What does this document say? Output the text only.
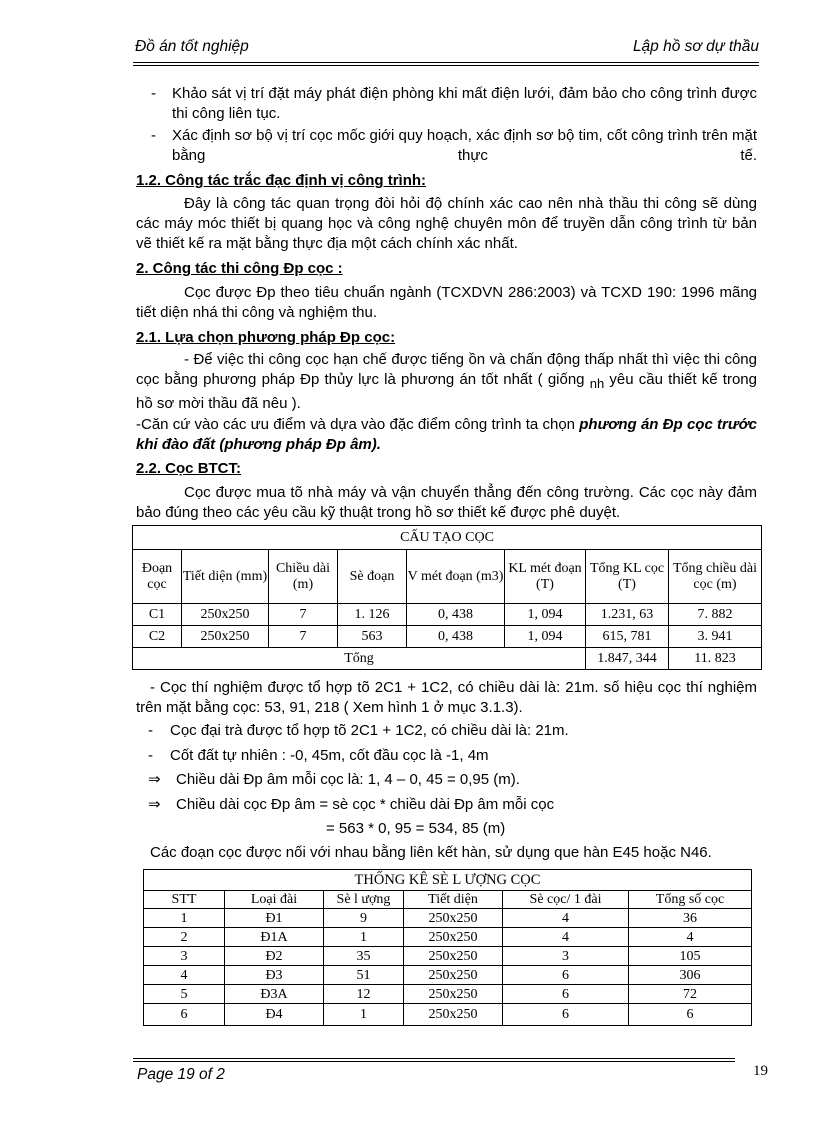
Đồ án tốt nghiệp	Lập hồ sơ dự thầu
-	Khảo sát vị trí đặt máy phát điện phòng khi mất điện lưới, đảm bảo cho công trình được thi công liên tục.
-	Xác định sơ bộ vị trí cọc mốc giới quy hoạch, xác định sơ bộ tim, cốt công trình trên mặt bằng thực tế.
1.2. Công tác trắc đạc định vị công trình:
Đây là công tác quan trọng đòi hỏi độ chính xác cao nên nhà thầu thi công sẽ dùng các máy móc thiết bị quang học và công nghệ chuyên môn để truyền dẫn công trình từ bản vẽ thiết kế ra mặt bằng thực địa một cách chính xác nhất.
2. Công tác thi công Ðp cọc :
Cọc được Ðp theo tiêu chuẩn ngành (TCXDVN 286:2003) và TCXD 190: 1996 mãng tiết diện nhá thi công và nghiệm thu.
2.1. Lựa chọn phương pháp Ðp cọc:
- Để việc thi công cọc hạn chế được tiếng ồn và chấn động thấp nhất thì việc thi công cọc bằng phương pháp Ðp thủy lực là phương án tốt nhất ( giống $_{nh}$ yêu cầu thiết kế trong hồ sơ mời thầu đã nêu ).
-Căn cứ vào các ưu điểm và dựa vào đặc điểm công trình ta chọn phương án Ðp cọc trước khi đào đất (phương pháp Ðp âm).
2.2. Cọc BTCT:
Cọc được mua tõ nhà máy và vận chuyển thẳng đến công trường. Các cọc này đảm bảo đúng theo các yêu cầu kỹ thuật trong hồ sơ thiết kế được phê duyệt.
CẤU TẠO CỌC							
Đoạn cọc	Tiết diện (mm)	Chiều dài (m)	Sè đoạn	V mét đoạn (m3)	KL mét đoạn (T)	Tổng KL cọc (T)	Tổng chiều dài cọc (m)
C1	250x250	7	1. 126	0, 438	1, 094	1.231, 63	7. 882
C2	250x250	7	563	0, 438	1, 094	615, 781	3. 941
Tổng						1.847, 344	11. 823
- Cọc thí nghiệm được tổ hợp tõ 2C1 + 1C2, có chiều dài là: 21m. số hiệu cọc thí nghiệm trên mặt bằng cọc: 53, 91, 218 ( Xem hình 1 ở mục 3.1.3).
-	Cọc đại trà được tổ hợp tõ 2C1 + 1C2, có chiều dài là: 21m.
-	Cốt đất tự nhiên : -0, 45m, cốt đầu cọc là -1, 4m
⇒ Chiều dài Ðp âm mỗi cọc là: 1, 4 – 0, 45 = 0,95 (m).
⇒ Chiều dài cọc Ðp âm = sè cọc * chiều dài Ðp âm mỗi cọc
= 563 * 0, 95 = 534, 85 (m)
Các đoạn cọc được nối với nhau bằng liên kết hàn, sử dụng que hàn E45 hoặc N46.
THỐNG KÊ SÈ L ƯỢNG CỌC					
STT	Loại đài	Sè l ượng	Tiết diện	Sè cọc/ 1 đài	Tổng số cọc
1	Đ1	9	250x250	4	36
2	Đ1A	1	250x250	4	4
3	Đ2	35	250x250	3	105
4	Đ3	51	250x250	6	306
5	Đ3A	12	250x250	6	72
6	Đ4	1	250x250	6	6
Page 19 of 2	19
